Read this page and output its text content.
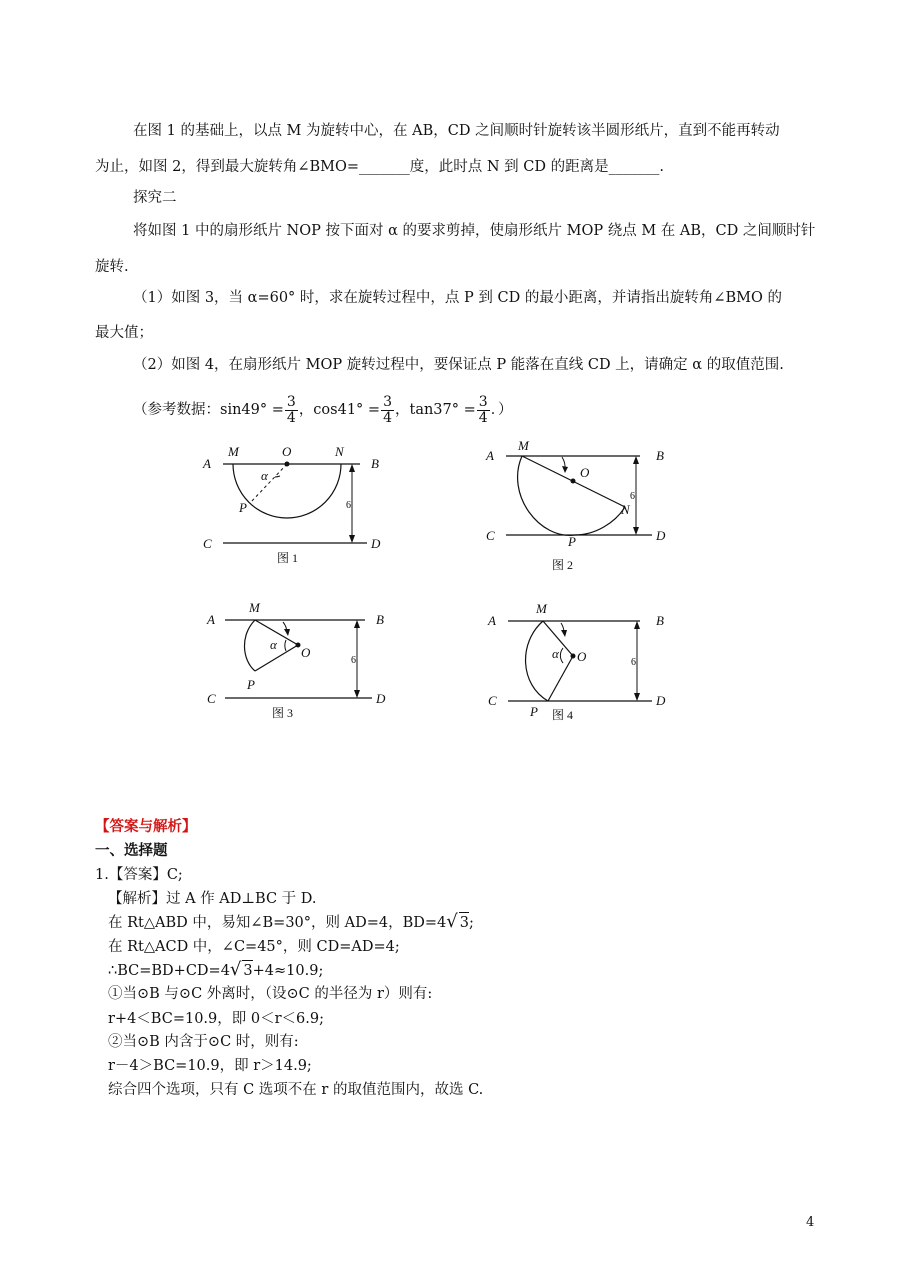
在图 1 的基础上，以点 M 为旋转中心，在 AB，CD 之间顺时针旋转该半圆形纸片，直到不能再转动
为止，如图 2，得到最大旋转角∠BMO=_______度，此时点 N 到 CD 的距离是_______.
探究二
将如图 1 中的扇形纸片 NOP 按下面对 α 的要求剪掉，使扇形纸片 MOP 绕点 M 在 AB，CD 之间顺时针
旋转.
（1）如图 3，当 α=60° 时，求在旋转过程中，点 P 到 CD 的最小距离，并请指出旋转角∠BMO 的
最大值；
（2）如图 4，在扇形纸片 MOP 旋转过程中，要保证点 P 能落在直线 CD 上，请确定 α 的取值范围.
（参考数据：$\sin 49^\circ = \frac{3}{4}$ ，$\cos 41^\circ = \frac{3}{4}$ ，$\tan 37^\circ = \frac{3}{4}$ ．）
A	B
C	D
M	O	N
P
α
6
图 1
A	B
C	D
M
O
N
P
6
图 2
A	B
C	D
M
O
P
α
6
图 3
A	B
C	D
M
O
P
α
6
图 4
【答案与解析】
一、选择题
1.【答案】C;
【解析】过 A 作 AD⊥BC 于 D.
在 Rt△ABD 中，易知∠B=30°，则 AD=4，BD=4√ 3;
在 Rt△ACD 中，∠C=45°，则 CD=AD=4;
∴BC=BD+CD=4√ 3+4≈10.9;
①当⊙B 与⊙C 外离时，（设⊙C 的半径为 r）则有:
r+4＜BC=10.9，即 0＜r＜6.9;
②当⊙B 内含于⊙C 时，则有:
r－4＞BC=10.9，即 r＞14.9;
综合四个选项，只有 C 选项不在 r 的取值范围内，故选 C.
4
